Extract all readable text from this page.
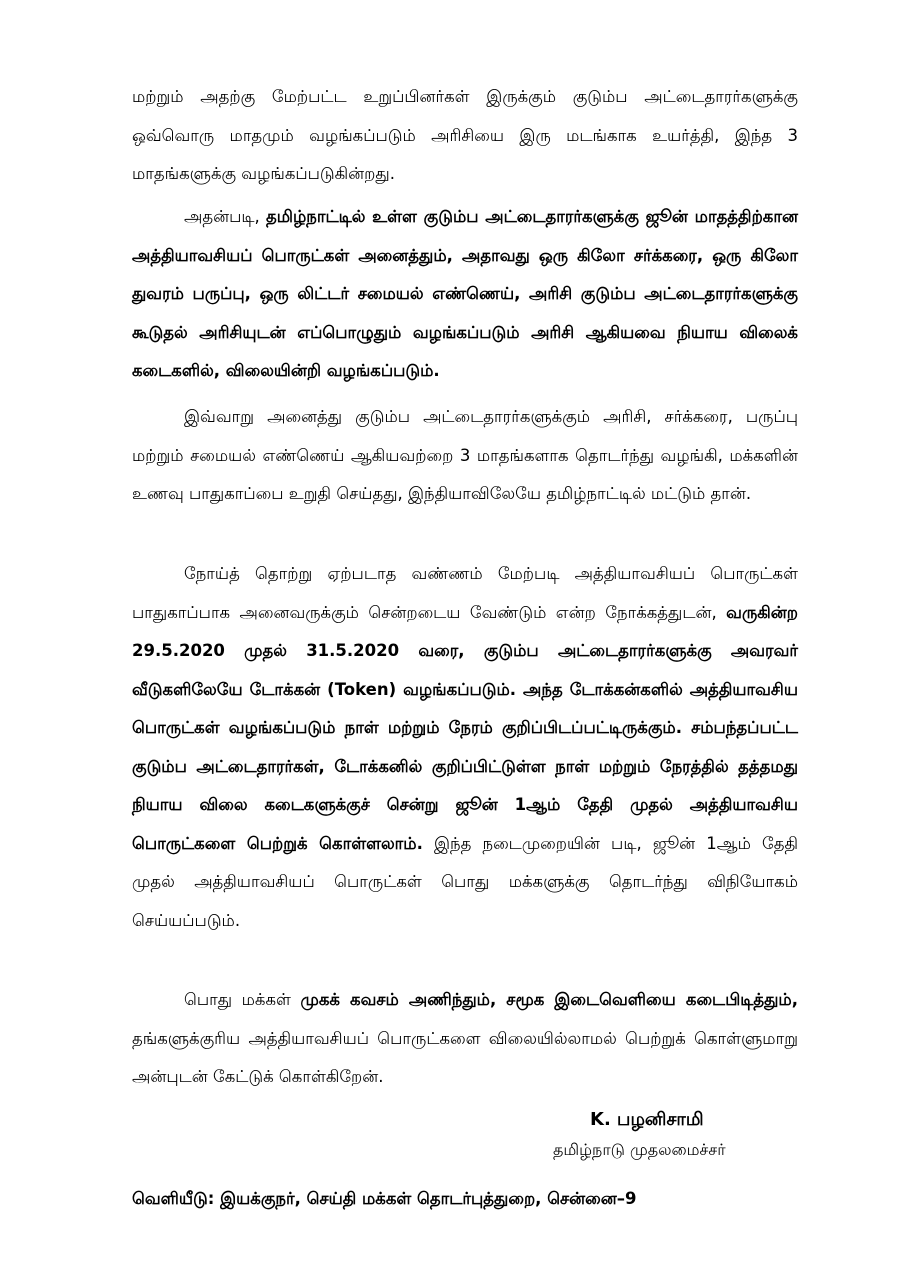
மற்றும் அதற்கு மேற்பட்ட உறுப்பினர்கள் இருக்கும் குடும்ப அட்டைதாரர்களுக்கு ஒவ்வொரு மாதமும் வழங்கப்படும் அரிசியை இரு மடங்காக உயர்த்தி, இந்த 3 மாதங்களுக்கு வழங்கப்படுகின்றது.

அதன்படி, தமிழ்நாட்டில் உள்ள குடும்ப அட்டைதாரர்களுக்கு ஜூன் மாதத்திற்கான அத்தியாவசியப் பொருட்கள் அனைத்தும், அதாவது ஒரு கிலோ சர்க்கரை, ஒரு கிலோ துவரம் பருப்பு, ஒரு லிட்டர் சமையல் எண்ணெய், அரிசி குடும்ப அட்டைதாரர்களுக்கு கூடுதல் அரிசியுடன் எப்பொழுதும் வழங்கப்படும் அரிசி ஆகியவை நியாய விலைக் கடைகளில், விலையின்றி வழங்கப்படும்.

இவ்வாறு அனைத்து குடும்ப அட்டைதாரர்களுக்கும் அரிசி, சர்க்கரை, பருப்பு மற்றும் சமையல் எண்ணெய் ஆகியவற்றை 3 மாதங்களாக தொடர்ந்து வழங்கி, மக்களின் உணவு பாதுகாப்பை உறுதி செய்தது, இந்தியாவிலேயே தமிழ்நாட்டில் மட்டும் தான்.

நோய்த் தொற்று ஏற்படாத வண்ணம் மேற்படி அத்தியாவசியப் பொருட்கள் பாதுகாப்பாக அனைவருக்கும் சென்றடைய வேண்டும் என்ற நோக்கத்துடன், வருகின்ற 29.5.2020 முதல் 31.5.2020 வரை, குடும்ப அட்டைதாரர்களுக்கு அவரவர் வீடுகளிலேயே டோக்கன் (Token) வழங்கப்படும். அந்த டோக்கன்களில் அத்தியாவசிய பொருட்கள் வழங்கப்படும் நாள் மற்றும் நேரம் குறிப்பிடப்பட்டிருக்கும். சம்பந்தப்பட்ட குடும்ப அட்டைதாரர்கள், டோக்கனில் குறிப்பிட்டுள்ள நாள் மற்றும் நேரத்தில் தத்தமது நியாய விலை கடைகளுக்குச் சென்று ஜூன் 1ஆம் தேதி முதல் அத்தியாவசிய பொருட்களை பெற்றுக் கொள்ளலாம். இந்த நடைமுறையின் படி, ஜூன் 1ஆம் தேதி முதல் அத்தியாவசியப் பொருட்கள் பொது மக்களுக்கு தொடர்ந்து விநியோகம் செய்யப்படும்.

பொது மக்கள் முகக் கவசம் அணிந்தும், சமூக இடைவெளியை கடைபிடித்தும், தங்களுக்குரிய அத்தியாவசியப் பொருட்களை விலையில்லாமல் பெற்றுக் கொள்ளுமாறு அன்புடன் கேட்டுக் கொள்கிறேன்.

K. பழனிசாமி
தமிழ்நாடு முதலமைச்சர்
வெளியீடு: இயக்குநர், செய்தி மக்கள் தொடர்புத்துறை, சென்னை–9
